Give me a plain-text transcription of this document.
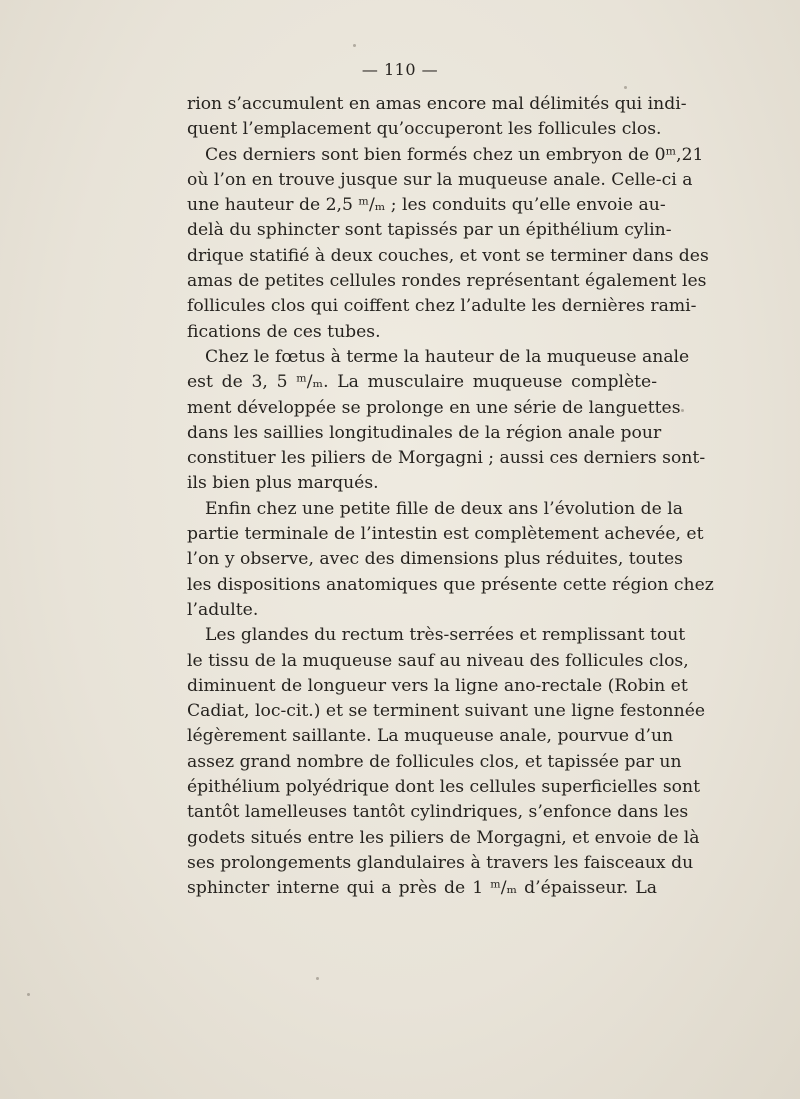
— 110 —
rion s’accumulent en amas encore mal délimités qui indi-
quent l’emplacement qu’occuperont les follicules clos.
Ces derniers sont bien formés chez un embryon de 0ᵐ,21
où l’on en trouve jusque sur la muqueuse anale. Celle-ci a
une hauteur de 2,5 ᵐ/ₘ ; les conduits qu’elle envoie au-
delà du sphincter sont tapissés par un épithélium cylin-
drique statifié à deux couches, et vont se terminer dans des
amas de petites cellules rondes représentant également les
follicules clos qui coiffent chez l’adulte les dernières rami-
fications de ces tubes.
Chez le fœtus à terme la hauteur de la muqueuse anale
est de 3, 5 ᵐ/ₘ. La musculaire muqueuse complète-
ment développée se prolonge en une série de languettes
dans les saillies longitudinales de la région anale pour
constituer les piliers de Morgagni ; aussi ces derniers sont-
ils bien plus marqués.
Enfin chez une petite fille de deux ans l’évolution de la
partie terminale de l’intestin est complètement achevée, et
l’on y observe, avec des dimensions plus réduites, toutes
les dispositions anatomiques que présente cette région chez
l’adulte.
Les glandes du rectum très-serrées et remplissant tout
le tissu de la muqueuse sauf au niveau des follicules clos,
diminuent de longueur vers la ligne ano-rectale (Robin et
Cadiat, loc-cit.) et se terminent suivant une ligne festonnée
légèrement saillante. La muqueuse anale, pourvue d’un
assez grand nombre de follicules clos, et tapissée par un
épithélium polyédrique dont les cellules superficielles sont
tantôt lamelleuses tantôt cylindriques, s’enfonce dans les
godets situés entre les piliers de Morgagni, et envoie de là
ses prolongements glandulaires à travers les faisceaux du
sphincter interne qui a près de 1 ᵐ/ₘ d’épaisseur. La
